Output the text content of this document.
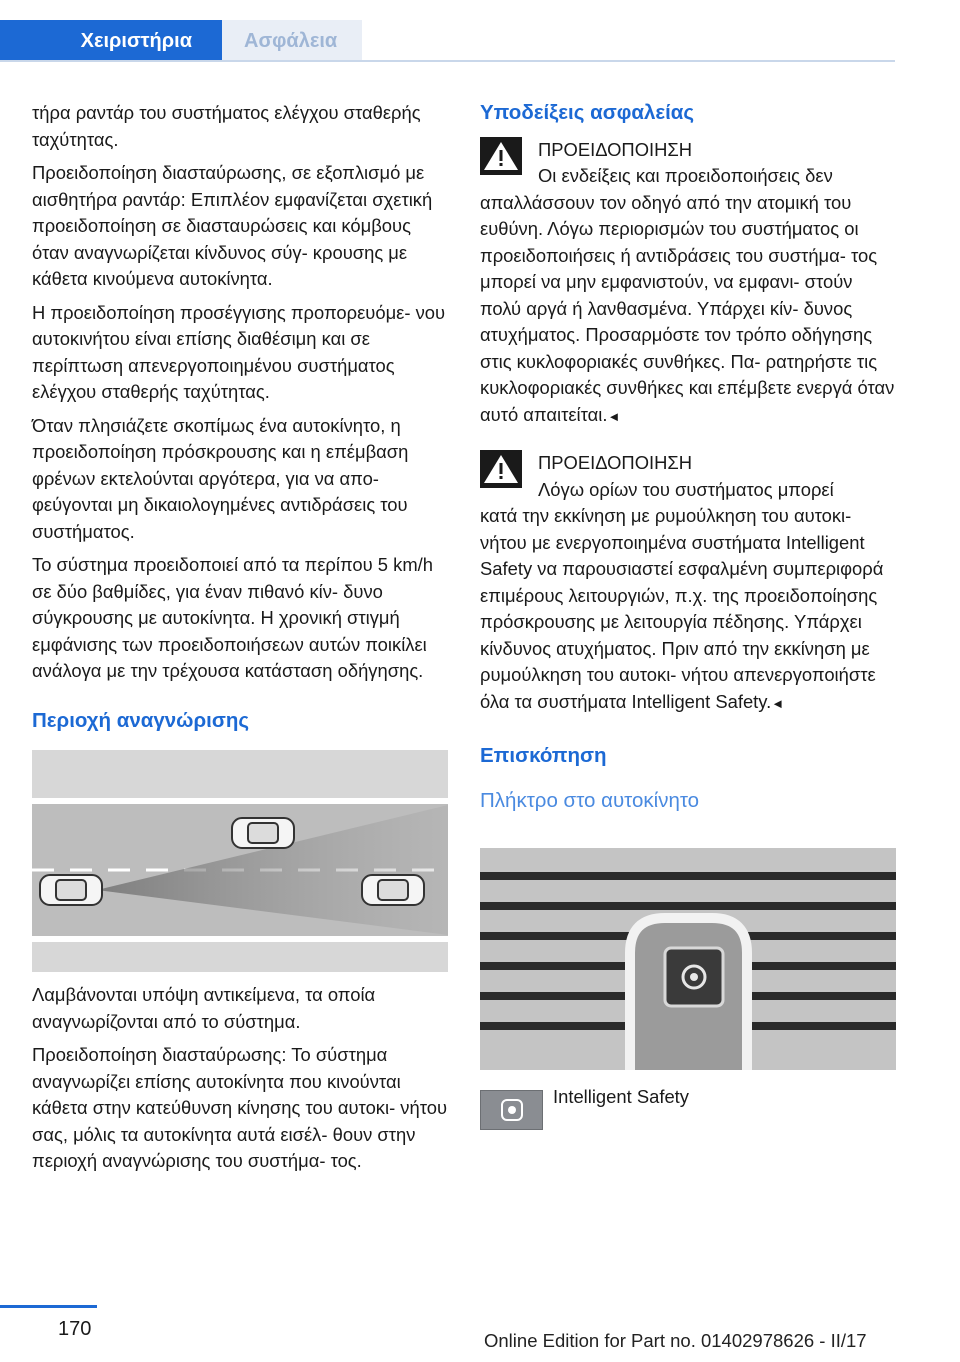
Χειριστήρια	Ασφάλεια

τήρα ραντάρ του συστήματος ελέγχου σταθερής ταχύτητας.

Προειδοποίηση διασταύρωσης, σε εξοπλισμό με αισθητήρα ραντάρ: Επιπλέον εμφανίζεται σχετική προειδοποίηση σε διασταυρώσεις και κόμβους όταν αναγνωρίζεται κίνδυνος σύγ‐ κρουσης με κάθετα κινούμενα αυτοκίνητα.

Η προειδοποίηση προσέγγισης προπορευόμε‐ νου αυτοκινήτου είναι επίσης διαθέσιμη και σε περίπτωση απενεργοποιημένου συστήματος ελέγχου σταθερής ταχύτητας.

Όταν πλησιάζετε σκοπίμως ένα αυτοκίνητο, η προειδοποίηση πρόσκρουσης και η επέμβαση φρένων εκτελούνται αργότερα, για να απο‐ φεύγονται μη δικαιολογημένες αντιδράσεις του συστήματος.

Το σύστημα προειδοποιεί από τα περίπου 5 km/h σε δύο βαθμίδες, για έναν πιθανό κίν‐ δυνο σύγκρουσης με αυτοκίνητα. Η χρονική στιγμή εμφάνισης των προειδοποιήσεων αυτών ποικίλει ανάλογα με την τρέχουσα κατάσταση οδήγησης.

Περιοχή αναγνώρισης

Λαμβάνονται υπόψη αντικείμενα, τα οποία αναγνωρίζονται από το σύστημα.

Προειδοποίηση διασταύρωσης: Το σύστημα αναγνωρίζει επίσης αυτοκίνητα που κινούνται κάθετα στην κατεύθυνση κίνησης του αυτοκι‐ νήτου σας, μόλις τα αυτοκίνητα αυτά εισέλ‐ θουν στην περιοχή αναγνώρισης του συστήμα‐ τος.

Υποδείξεις ασφαλείας
ΠΡΟΕΙΔΟΠΟΙΗΣΗ
Οι ενδείξεις και προειδοποιήσεις δεν
απαλλάσσουν τον οδηγό από την ατομική του ευθύνη. Λόγω περιορισμών του συστήματος οι προειδοποιήσεις ή αντιδράσεις του συστήμα‐ τος μπορεί να μην εμφανιστούν, να εμφανι‐ στούν πολύ αργά ή λανθασμένα. Υπάρχει κίν‐ δυνος ατυχήματος. Προσαρμόστε τον τρόπο οδήγησης στις κυκλοφοριακές συνθήκες. Πα‐ ρατηρήστε τις κυκλοφοριακές συνθήκες και επέμβετε ενεργά όταν αυτό απαιτείται.◄
ΠΡΟΕΙΔΟΠΟΙΗΣΗ
Λόγω ορίων του συστήματος μπορεί
κατά την εκκίνηση με ρυμούλκηση του αυτοκι‐ νήτου με ενεργοποιημένα συστήματα Intelligent Safety να παρουσιαστεί εσφαλμένη συμπεριφορά επιμέρους λειτουργιών, π.χ. της προειδοποίησης πρόσκρουσης με λειτουργία πέδησης. Υπάρχει κίνδυνος ατυχήματος. Πριν από την εκκίνηση με ρυμούλκηση του αυτοκι‐ νήτου απενεργοποιήστε όλα τα συστήματα Intelligent Safety.◄
Επισκόπηση
Πλήκτρο στο αυτοκίνητο
Intelligent Safety
170
Online Edition for Part no. 01402978626 - II/17
